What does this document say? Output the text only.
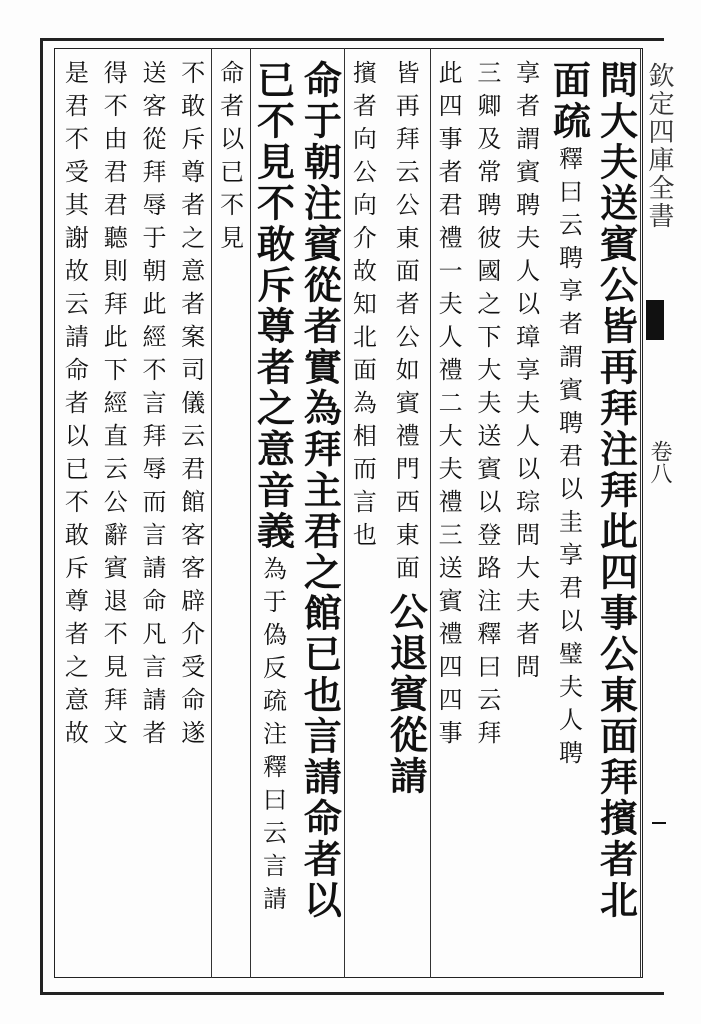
欽定四庫全書
卷八
問大夫送賓公皆再拜注拜此四事公東面拜擯者北
面疏
釋曰云聘享者謂賓聘君以圭享君以璧夫人聘
享者謂賓聘夫人以璋享夫人以琮問大夫者問
三卿及常聘彼國之下大夫送賓以登路注釋曰云拜
此四事者君禮一夫人禮二大夫禮三送賓禮四四事
皆再拜云公東面者公如賓禮門西東面
公退賓從請
擯者向公向介故知北面為相而言也
命于朝注賓從者實為拜主君之館已也言請命者以
已不見不敢斥尊者之意音義
為于偽反疏注釋曰云言請
命者以已不見
不敢斥尊者之意者案司儀云君館客客辟介受命遂
送客從拜辱于朝此經不言拜辱而言請命凡言請者
得不由君君聽則拜此下經直云公辭賓退不見拜文
是君不受其謝故云請命者以已不敢斥尊者之意故
